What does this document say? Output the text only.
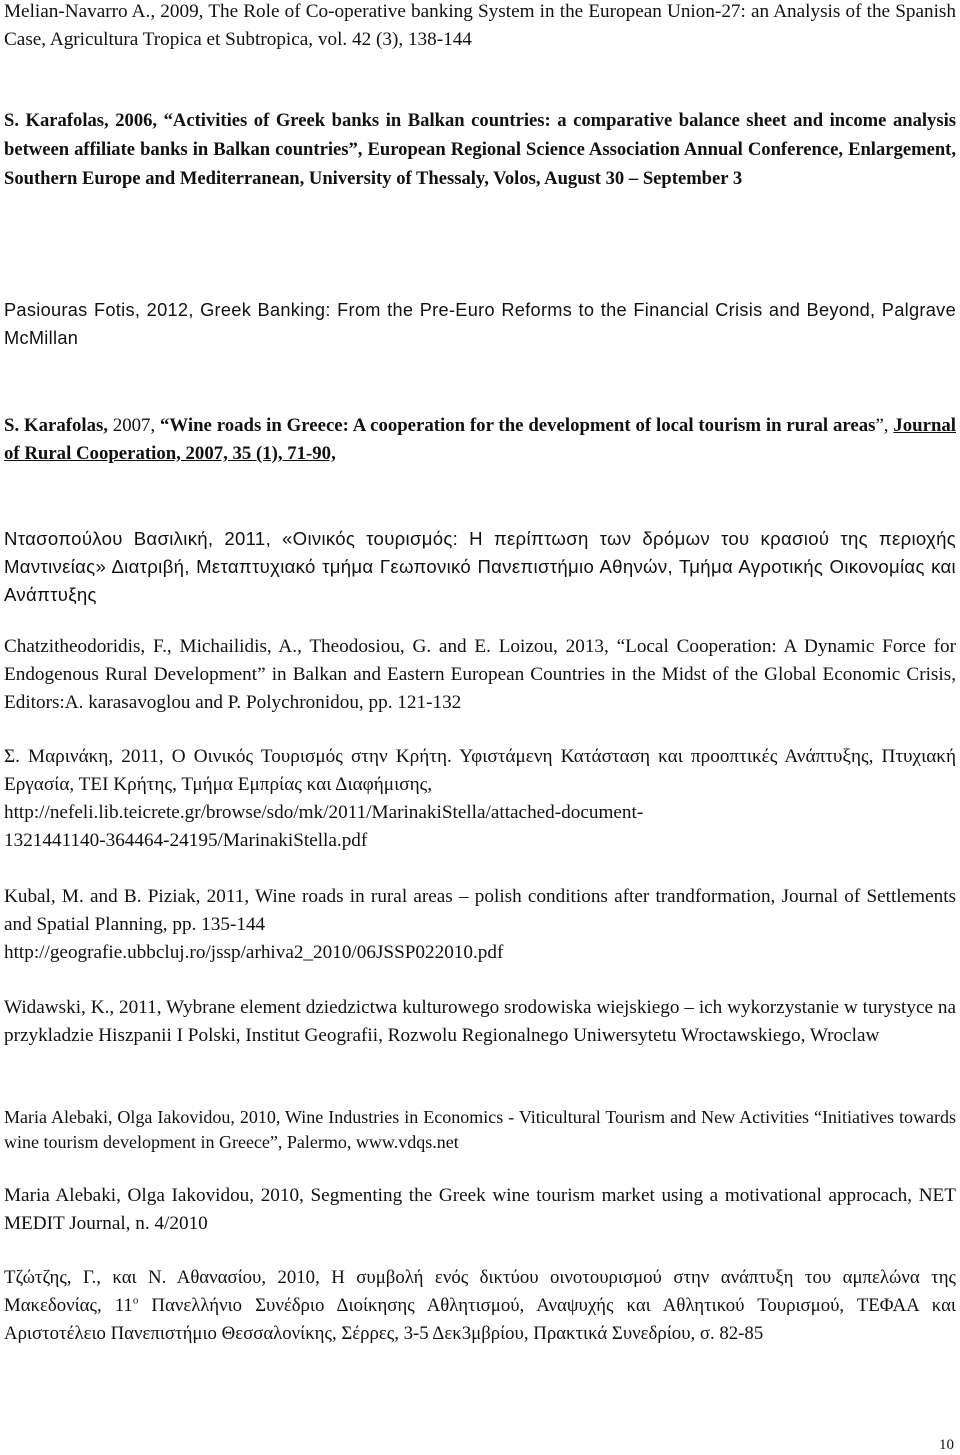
Melian-Navarro A., 2009, The Role of Co-operative banking System in the European Union-27: an Analysis of the Spanish Case, Agricultura Tropica et Subtropica, vol. 42 (3), 138-144
S. Karafolas, 2006, “Activities of Greek banks in Balkan countries: a comparative balance sheet and income analysis between affiliate banks in Balkan countries”, European Regional Science Association Annual Conference, Enlargement, Southern Europe and Mediterranean, University of Thessaly, Volos, August 30 – September 3
Pasiouras Fotis, 2012, Greek Banking: From the Pre-Euro Reforms to the Financial Crisis and Beyond, Palgrave McMillan
S. Karafolas, 2007, “Wine roads in Greece: A cooperation for the development of local tourism in rural areas”, Journal of Rural Cooperation, 2007, 35 (1), 71-90,
Ντασοπούλου Βασιλική, 2011, «Οινικός τουρισμός: Η περίπτωση των δρόμων του κρασιού της περιοχής Μαντινείας» Διατριβή, Μεταπτυχιακό τμήμα Γεωπονικό Πανεπιστήμιο Αθηνών, Τμήμα Αγροτικής Οικονομίας και Ανάπτυξης
Chatzitheodoridis, F., Michailidis, A., Theodosiou, G. and E. Loizou, 2013, “Local Cooperation: A Dynamic Force for Endogenous Rural Development” in Balkan and Eastern European Countries in the Midst of the Global Economic Crisis, Editors:A. karasavoglou and P. Polychronidou, pp. 121-132
Σ. Μαρινάκη, 2011, Ο Οινικός Τουρισμός στην Κρήτη. Υφιστάμενη Κατάσταση και προοπτικές Ανάπτυξης, Πτυχιακή Εργασία, ΤΕΙ Κρήτης, Τμήμα Εμπρίας και Διαφήμισης,
http://nefeli.lib.teicrete.gr/browse/sdo/mk/2011/MarinakiStella/attached-document-
1321441140-364464-24195/MarinakiStella.pdf
Kubal, M. and B. Piziak, 2011, Wine roads in rural areas – polish conditions after trandformation, Journal of Settlements and Spatial Planning, pp. 135-144
http://geografie.ubbcluj.ro/jssp/arhiva2_2010/06JSSP022010.pdf
Widawski, K., 2011, Wybrane element dziedzictwa kulturowego srodowiska wiejskiego – ich wykorzystanie w turystyce na przykladzie Hiszpanii I Polski, Institut Geografii, Rozwolu Regionalnego Uniwersytetu Wroctawskiego, Wroclaw
Maria Alebaki, Olga Iakovidou, 2010, Wine Industries in Economics - Viticultural Tourism and New Activities “Initiatives towards wine tourism development in Greece”, Palermo, www.vdqs.net
Maria Alebaki, Olga Iakovidou, 2010, Segmenting the Greek wine tourism market using a motivational approcach, NET MEDIT Journal, n. 4/2010
Τζώτζης, Γ., και Ν. Αθανασίου, 2010, Η συμβολή ενός δικτύου οινοτουρισμού στην ανάπτυξη του αμπελώνα της Μακεδονίας, $11^o$ Πανελλήνιο Συνέδριο Διοίκησης Αθλητισμού, Αναψυχής και Αθλητικού Τουρισμού, ΤΕΦΑΑ και Αριστοτέλειο Πανεπιστήμιο Θεσσαλονίκης, Σέρρες, 3-5 Δεκ3μβρίου, Πρακτικά Συνεδρίου, σ. 82-85
10
